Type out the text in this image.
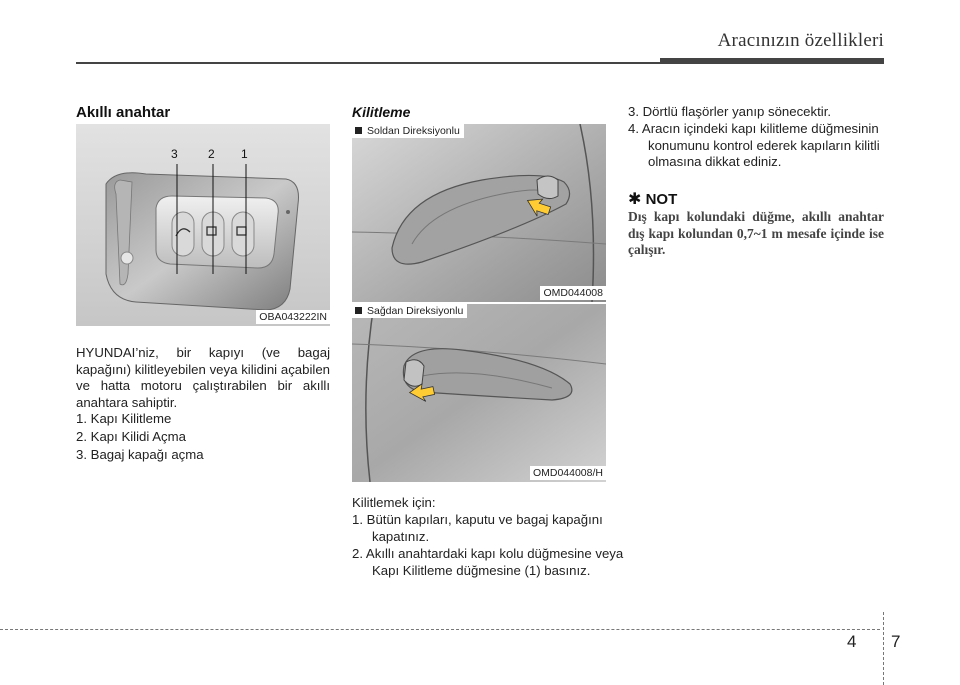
Aracınızın özellikleri
Akıllı anahtar
3	2 1
OBA043222IN
HYUNDAI’niz, bir kapıyı (ve bagaj kapağını) kilitleyebilen veya kilidini açabilen ve hatta motoru çalıştırabilen bir akıllı anahtara sahiptir.
1. Kapı Kilitleme
2. Kapı Kilidi Açma
3. Bagaj kapağı açma
Kilitleme
Soldan Direksiyonlu
OMD044008
Sağdan Direksiyonlu
OMD044008/H
Kilitlemek için:
1. Bütün kapıları, kaputu ve bagaj kapağını kapatınız.
2. Akıllı anahtardaki kapı kolu düğmesine veya Kapı Kilitleme düğmesine (1) basınız.
3. Dörtlü flaşörler yanıp sönecektir.
4. Aracın içindeki kapı kilitleme düğmesinin konumunu kontrol ederek kapıların kilitli olmasına dikkat ediniz.
✱ NOT
Dış kapı kolundaki düğme, akıllı anahtar dış kapı kolundan 0,7~1 m mesafe içinde ise çalışır.
4 7
